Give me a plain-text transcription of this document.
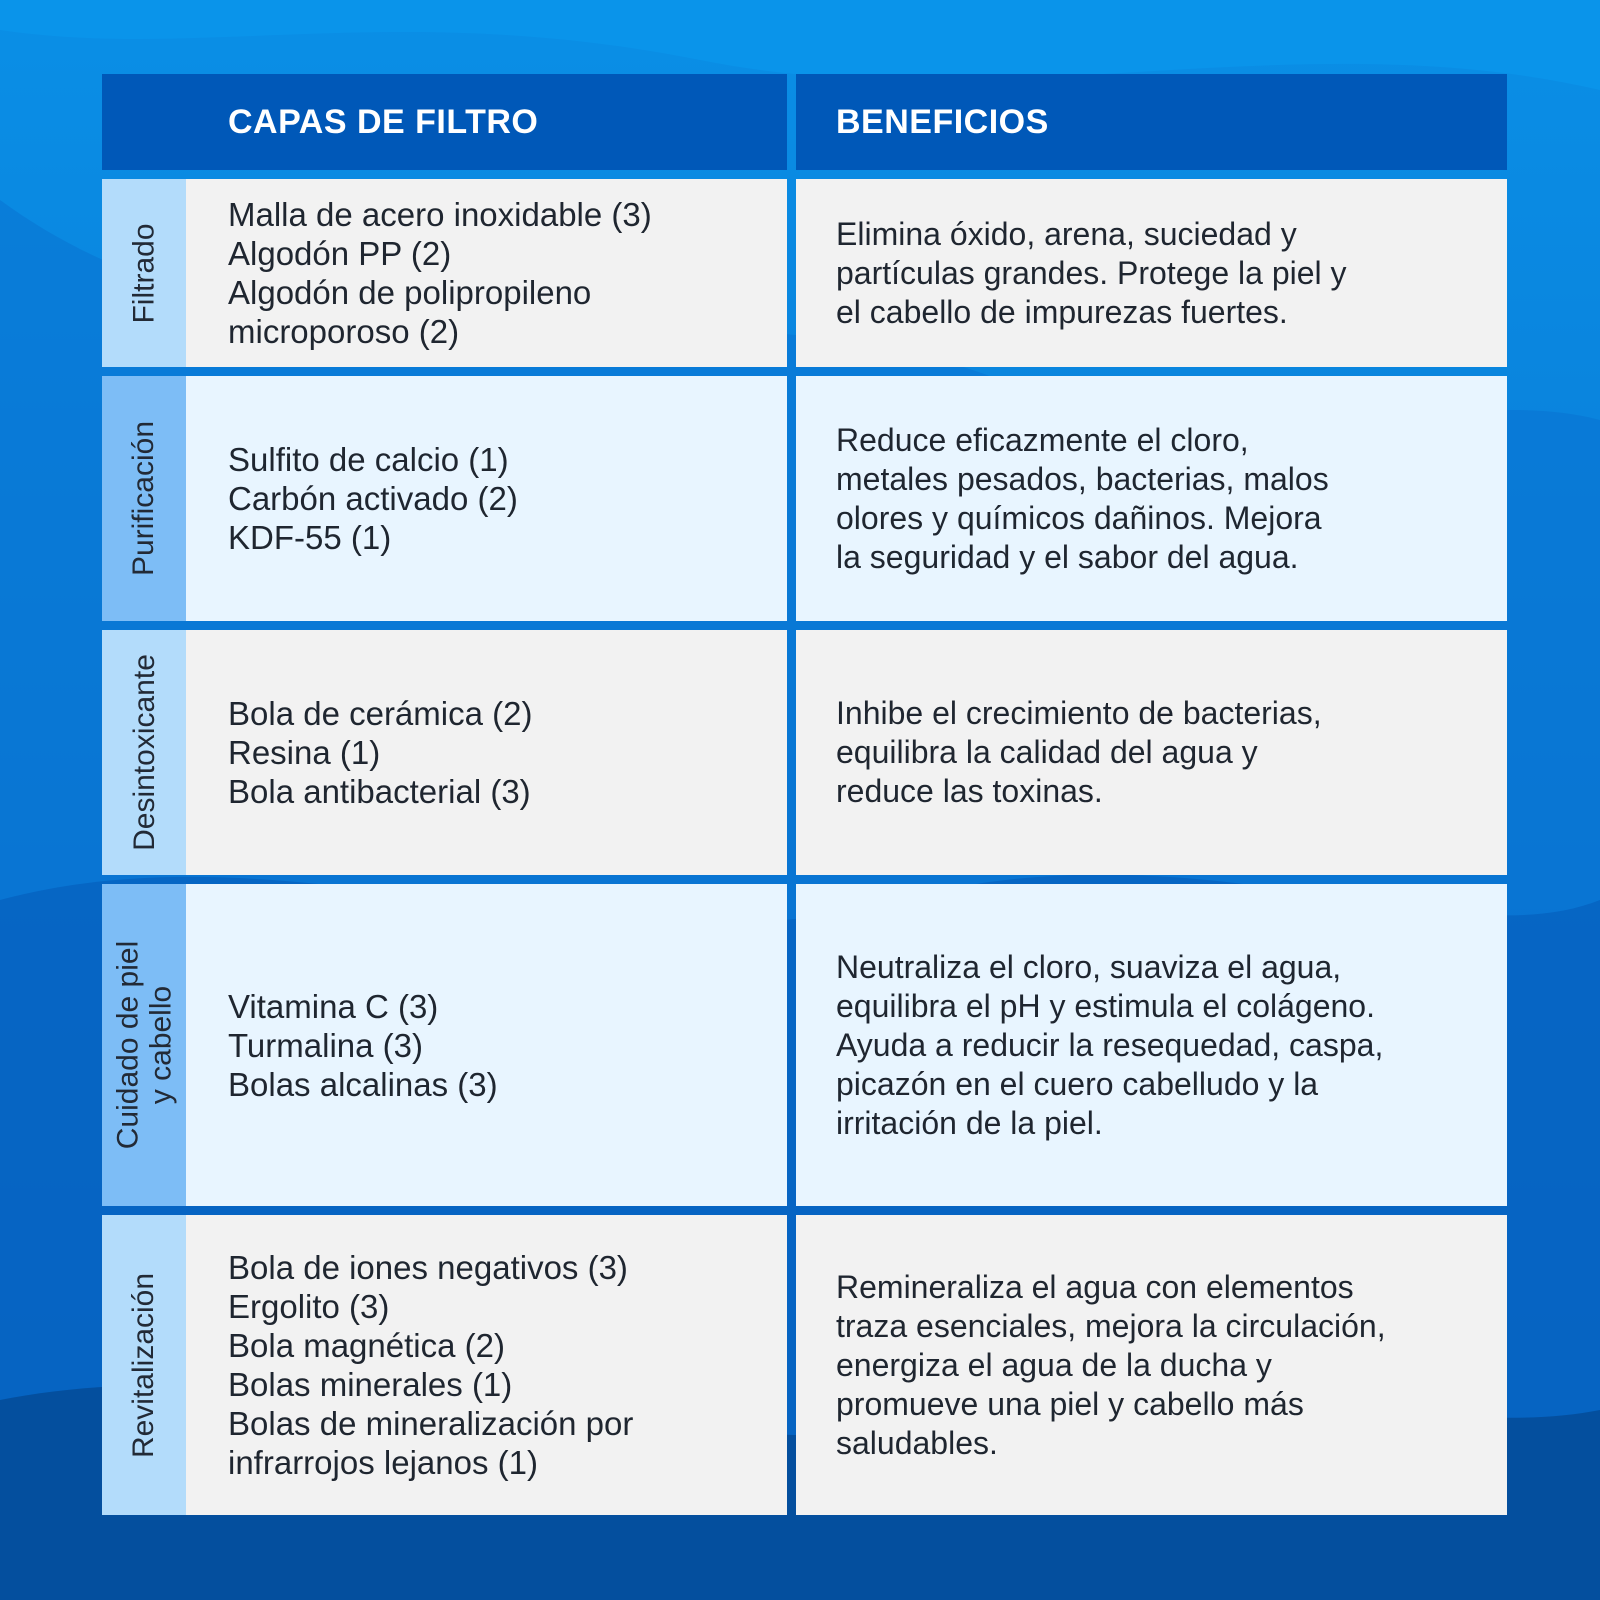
CAPAS DE FILTRO	BENEFICIOS
Filtrado
Malla de acero inoxidable (3)
Algodón PP (2)
Algodón de polipropileno
microporoso (2)
Elimina óxido, arena, suciedad y
partículas grandes. Protege la piel y
el cabello de impurezas fuertes.
Purificación Sulfito de calcio (1)
Carbón activado (2)
KDF-55 (1)
Reduce eficazmente el cloro,
metales pesados, bacterias, malos
olores y químicos dañinos. Mejora
la seguridad y el sabor del agua.
Desintoxicante Bola de cerámica (2)
Resina (1)
Bola antibacterial (3)
Inhibe el crecimiento de bacterias,
equilibra la calidad del agua y
reduce las toxinas.
Cuidado de piel y cabello Vitamina C (3)
Turmalina (3)
Bolas alcalinas (3)
Neutraliza el cloro, suaviza el agua,
equilibra el pH y estimula el colágeno.
Ayuda a reducir la resequedad, caspa,
picazón en el cuero cabelludo y la
irritación de la piel.
Revitalización
Bola de iones negativos (3)
Ergolito (3)
Bola magnética (2)
Bolas minerales (1)
Bolas de mineralización por
infrarrojos lejanos (1)
Remineraliza el agua con elementos
traza esenciales, mejora la circulación,
energiza el agua de la ducha y
promueve una piel y cabello más
saludables.
